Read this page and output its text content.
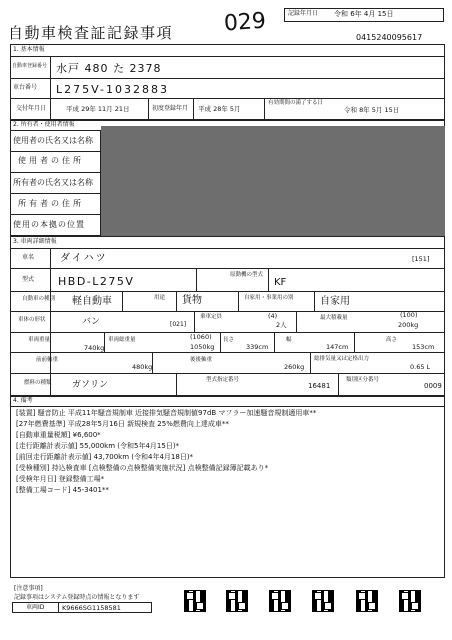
自動車検査証記録事項 029	記録年月日 令和 6年 4月 15日
0415240095617
1. 基本情報
自動車登録番号 水戸 480 た 2378
車台番号 L275V-1032883
交付年月日	平成 29年 11月 21日	初度登録年月 平成 28年 5月
有効期間の満了する日
令和 8年 5月 15日
2. 所有者・使用者情報
使用者の氏名又は名称
使用者の住所
所有者の氏名又は名称
所有者の住所
使用の本拠の位置
3. 車両詳細情報
車名	ダイハツ	[151]
型式 HBD-L275V	原動機の型式
KF
自動車の種別 軽自動車	用途 貨物	自家用・事業用の別	自家用
車体の形状	バン	[021]
乗車定員	(4)
2人
最大積載量	(100)
200kg
車両重量
740kg
車両総重量	(1060)
1050kg
長さ
339cm
幅
147cm
高さ
153cm
前前軸重
480kg
後後軸重
260kg
総排気量又は定格出力
0.65 L
燃料の種類 ガソリン	型式指定番号
16481
類別区分番号
0009
4. 備考
[装置] 騒音防止 平成11年騒音規制車 近接排気騒音規制値97dB マフラー加速騒音規制適用車**
[27年燃費基準] 平成28年5月16日 新規検査 25%燃費向上達成車**
[自動車重量税額] ¥6,600*
[走行距離計表示値] 55,000km (令和5年4月15日)*
[前回走行距離計表示値] 43,700km (令和4年4月18日)*
[受検種別] 持込検査車 [点検整備の点検整備実施状況] 点検整備記録簿記載あり*
[受検年月日] 登録整備工場*
[整備工場コード] 45-3401**
[注意事項]
記録事項はシステム登録時点の情報となります
車両ID	K9666SG1158581
